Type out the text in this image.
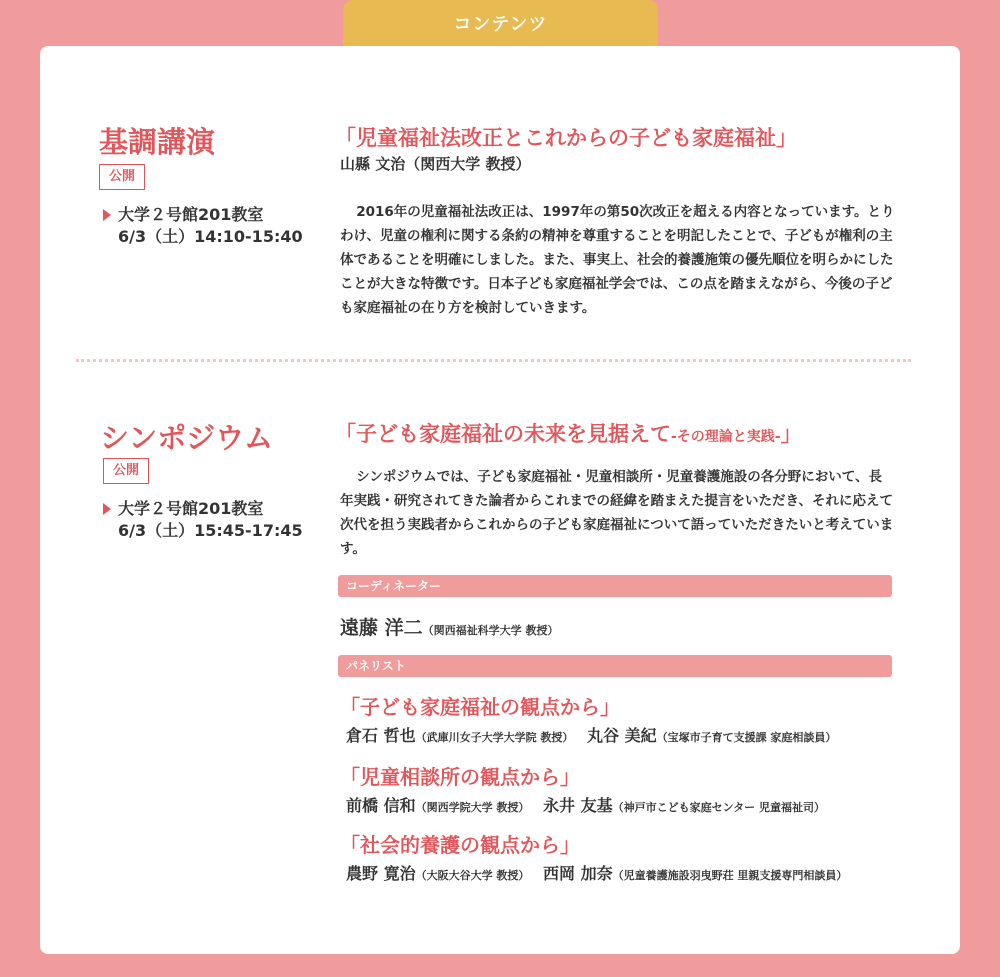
コンテンツ
基調講演
公開
大学２号館201教室
6/3（土）14:10-15:40
「児童福祉法改正とこれからの子ども家庭福祉」
山縣 文治（関西大学 教授）
2016年の児童福祉法改正は、1997年の第50次改正を超える内容となっています。とりわけ、児童の権利に関する条約の精神を尊重することを明記したことで、子どもが権利の主体であることを明確にしました。また、事実上、社会的養護施策の優先順位を明らかにしたことが大きな特徴です。日本子ども家庭福祉学会では、この点を踏まえながら、今後の子ども家庭福祉の在り方を検討していきます。
シンポジウム
公開
大学２号館201教室
6/3（土）15:45-17:45
「子ども家庭福祉の未来を見据えて-その理論と実践-」
シンポジウムでは、子ども家庭福祉・児童相談所・児童養護施設の各分野において、長年実践・研究されてきた論者からこれまでの経緯を踏まえた提言をいただき、それに応えて次代を担う実践者からこれからの子ども家庭福祉について語っていただきたいと考えています。
コーディネーター
遠藤 洋二（関西福祉科学大学 教授）
パネリスト
「子ども家庭福祉の観点から」
倉石 哲也（武庫川女子大学大学院 教授） 丸谷 美紀（宝塚市子育て支援課 家庭相談員）
「児童相談所の観点から」
前橋 信和（関西学院大学 教授） 永井 友基（神戸市こども家庭センター 児童福祉司）
「社会的養護の観点から」
農野 寛治（大阪大谷大学 教授） 西岡 加奈（児童養護施設羽曳野荘 里親支援専門相談員）
